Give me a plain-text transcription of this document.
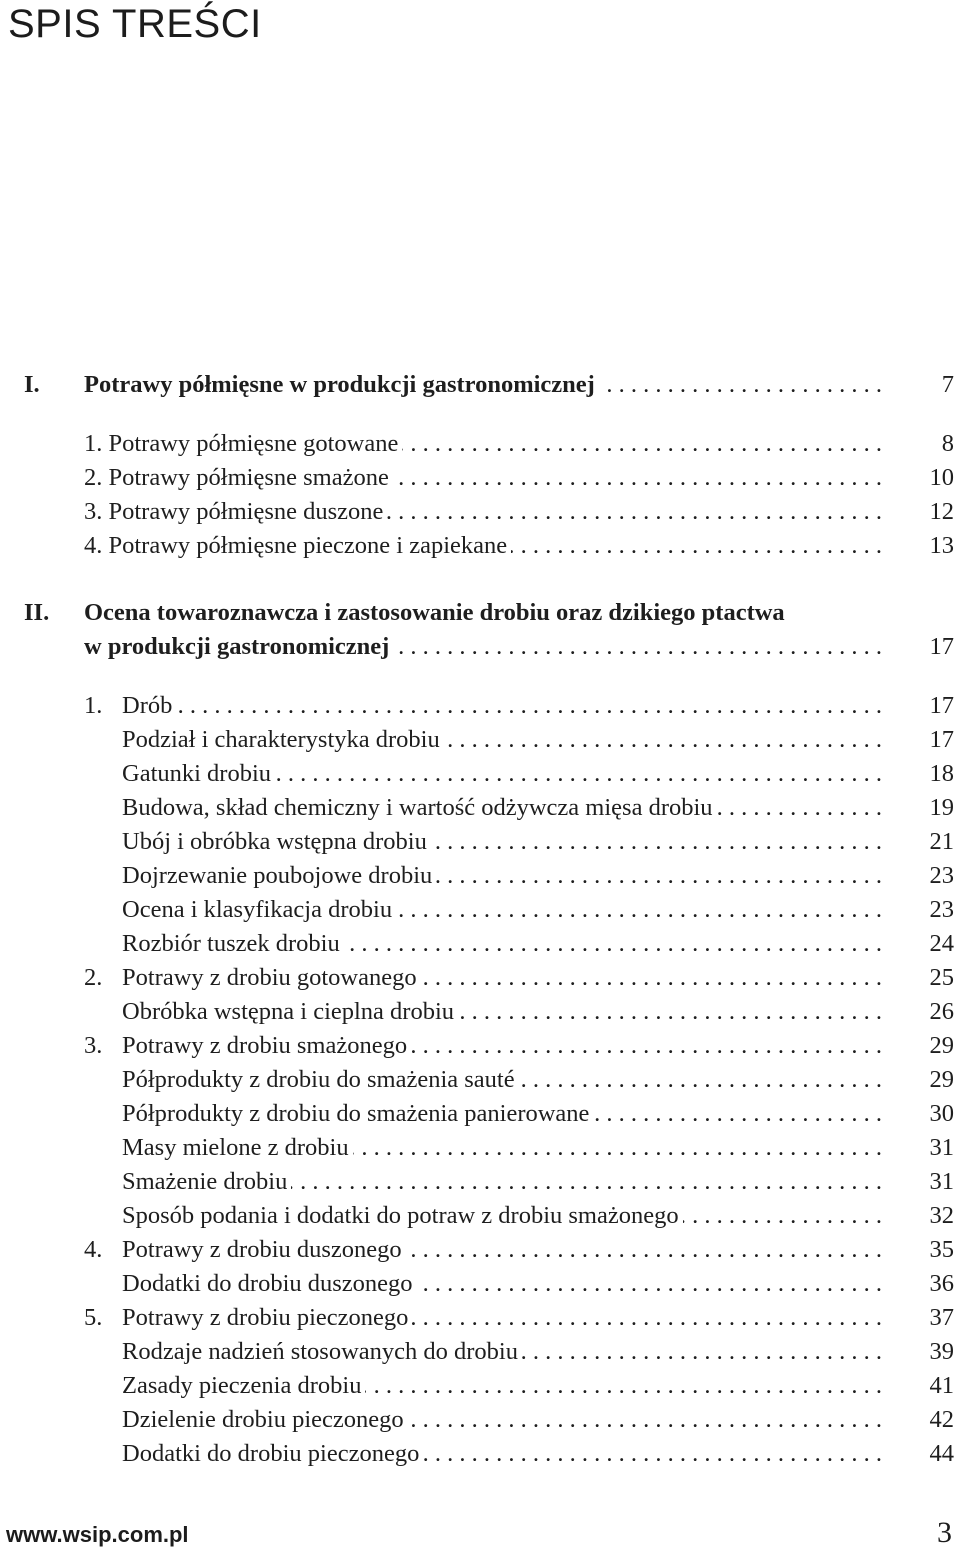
SPIS TREŚCI
I. Potrawy półmięsne w produkcji gastronomicznej . . .	7
1. Potrawy półmięsne gotowane . . .	8
2. Potrawy półmięsne smażone . . .	10
3. Potrawy półmięsne duszone . . .	12
4. Potrawy półmięsne pieczone i zapiekane . . .	13
II. Ocena towaroznawcza i zastosowanie drobiu oraz dzikiego ptactwa
w produkcji gastronomicznej . . .	17
1. Drób . . .	17
Podział i charakterystyka drobiu . . .	17
Gatunki drobiu . . .	18
Budowa, skład chemiczny i wartość odżywcza mięsa drobiu . . .	19
Ubój i obróbka wstępna drobiu . . .	21
Dojrzewanie poubojowe drobiu . . .	23
Ocena i klasyfikacja drobiu . . .	23
Rozbiór tuszek drobiu . . .	24
2. Potrawy z drobiu gotowanego . . .	25
Obróbka wstępna i cieplna drobiu . . .	26
3. Potrawy z drobiu smażonego . . .	29
Półprodukty z drobiu do smażenia sauté . . .	29
Półprodukty z drobiu do smażenia panierowane . . .	30
Masy mielone z drobiu . . .	31
Smażenie drobiu . . .	31
Sposób podania i dodatki do potraw z drobiu smażonego . . .	32
4. Potrawy z drobiu duszonego . . .	35
Dodatki do drobiu duszonego . . .	36
5. Potrawy z drobiu pieczonego . . .	37
Rodzaje nadzień stosowanych do drobiu . . .	39
Zasady pieczenia drobiu . . .	41
Dzielenie drobiu pieczonego . . .	42
Dodatki do drobiu pieczonego . . .	44
www.wsip.com.pl	3
